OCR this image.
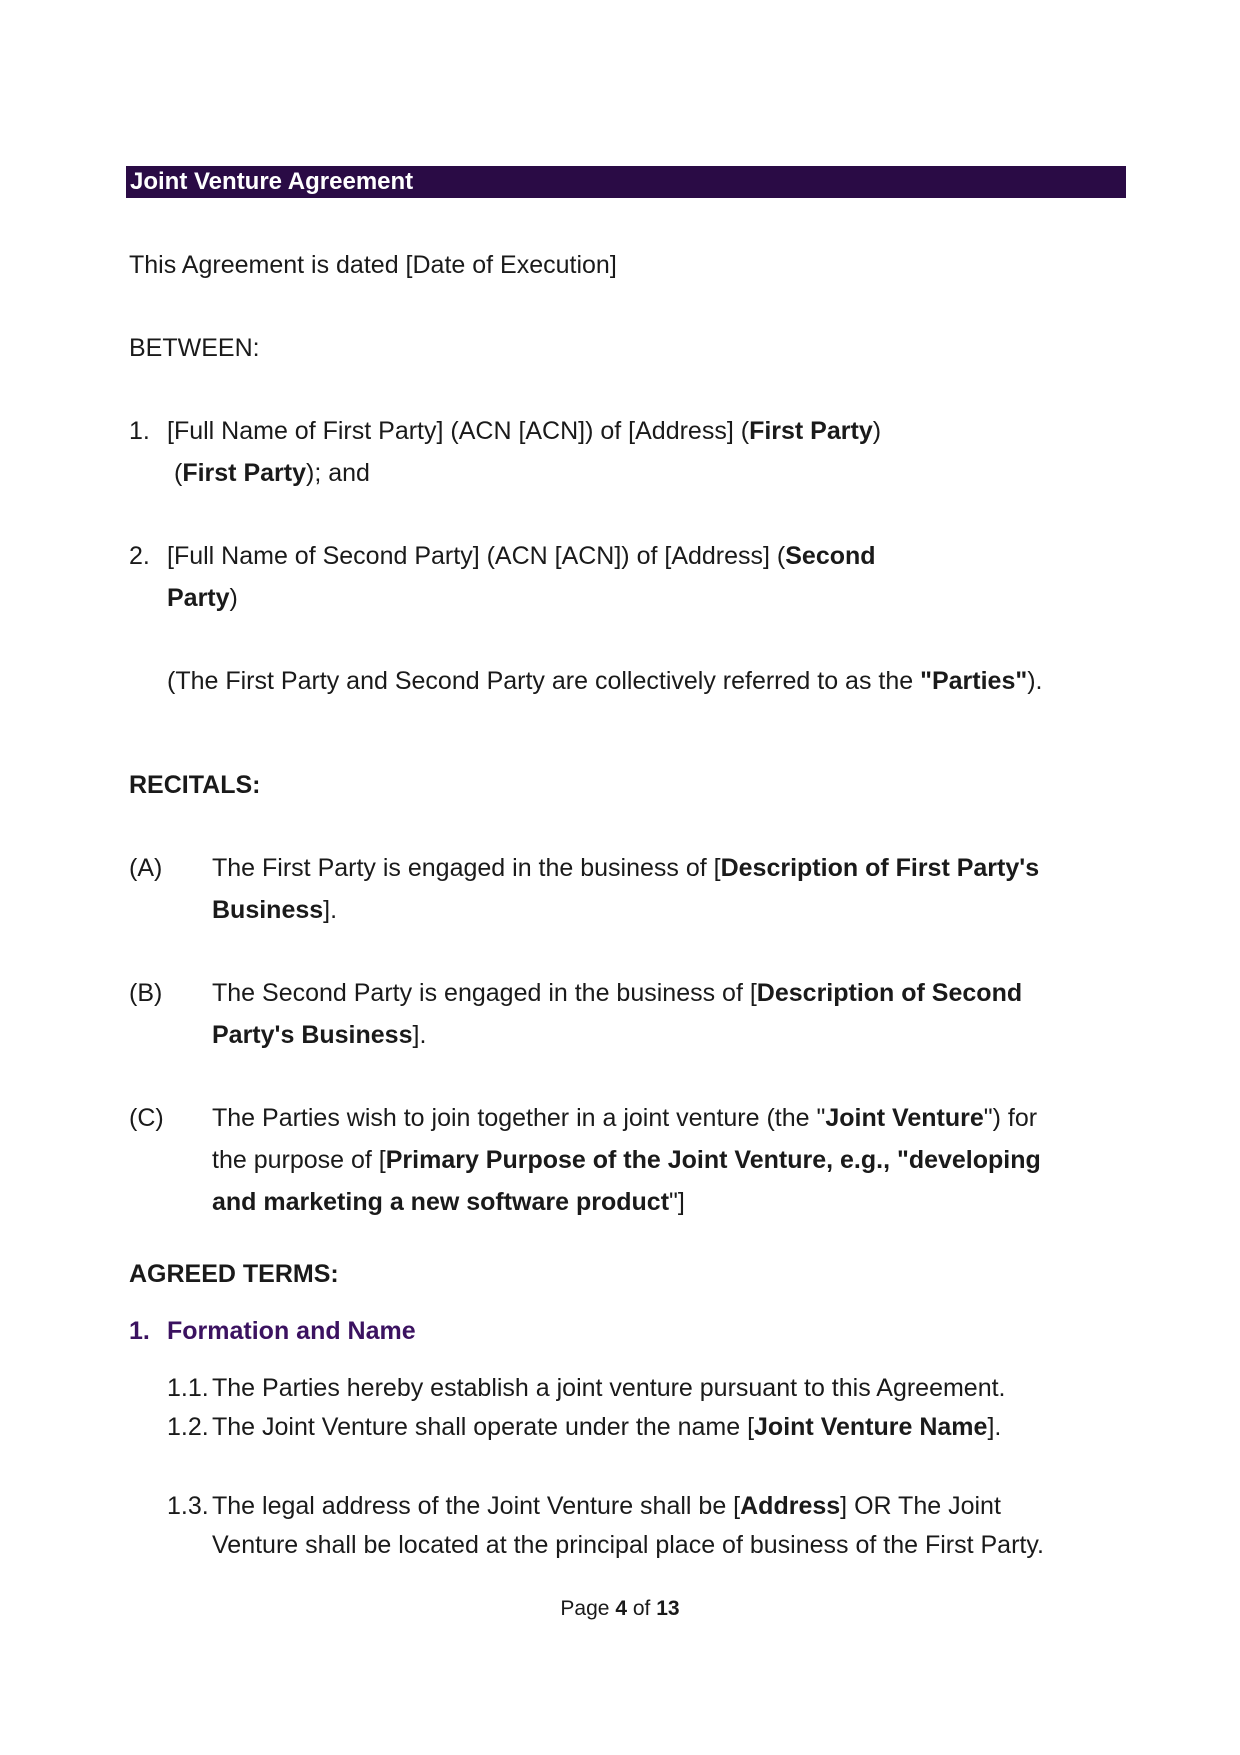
Joint Venture Agreement
This Agreement is dated [Date of Execution]
BETWEEN:
1. [Full Name of First Party] (ACN [ACN]) of [Address] (First Party)
(First Party); and
2. [Full Name of Second Party] (ACN [ACN]) of [Address] (Second
Party)
(The First Party and Second Party are collectively referred to as the "Parties").
RECITALS:
(A) The First Party is engaged in the business of [Description of First Party's
Business].
(B) The Second Party is engaged in the business of [Description of Second
Party's Business].
(C) The Parties wish to join together in a joint venture (the "Joint Venture") for
the purpose of [Primary Purpose of the Joint Venture, e.g., "developing
and marketing a new software product"]
AGREED TERMS:
1. Formation and Name
1.1. The Parties hereby establish a joint venture pursuant to this Agreement.
1.2. The Joint Venture shall operate under the name [Joint Venture Name].
1.3. The legal address of the Joint Venture shall be [Address] OR The Joint
Venture shall be located at the principal place of business of the First Party.
Page 4 of 13
